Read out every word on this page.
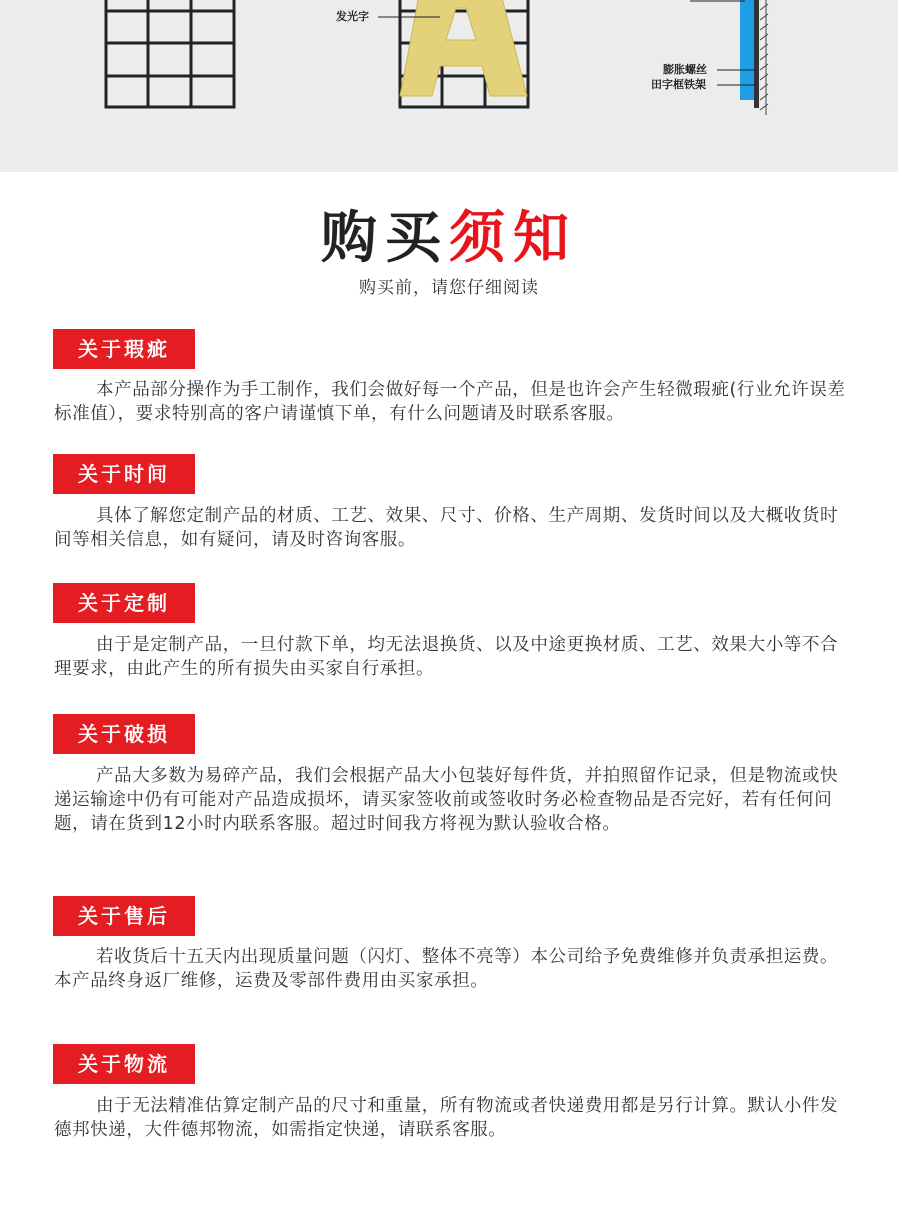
发光字
膨胀螺丝
田字框铁架
购买须知
购买前，请您仔细阅读
关于瑕疵
本产品部分操作为手工制作，我们会做好每一个产品，但是也许会产生轻微瑕疵(行业允许误差标准值），要求特别高的客户请谨慎下单，有什么问题请及时联系客服。
关于时间
具体了解您定制产品的材质、工艺、效果、尺寸、价格、生产周期、发货时间以及大概收货时间等相关信息，如有疑问，请及时咨询客服。
关于定制
由于是定制产品，一旦付款下单，均无法退换货、以及中途更换材质、工艺、效果大小等不合理要求，由此产生的所有损失由买家自行承担。
关于破损
产品大多数为易碎产品，我们会根据产品大小包装好每件货，并拍照留作记录，但是物流或快递运输途中仍有可能对产品造成损坏，请买家签收前或签收时务必检查物品是否完好，若有任何问题，请在货到12小时内联系客服。超过时间我方将视为默认验收合格。
关于售后
若收货后十五天内出现质量问题（闪灯、整体不亮等）本公司给予免费维修并负责承担运费。本产品终身返厂维修，运费及零部件费用由买家承担。
关于物流
由于无法精准估算定制产品的尺寸和重量，所有物流或者快递费用都是另行计算。默认小件发德邦快递，大件德邦物流，如需指定快递，请联系客服。
